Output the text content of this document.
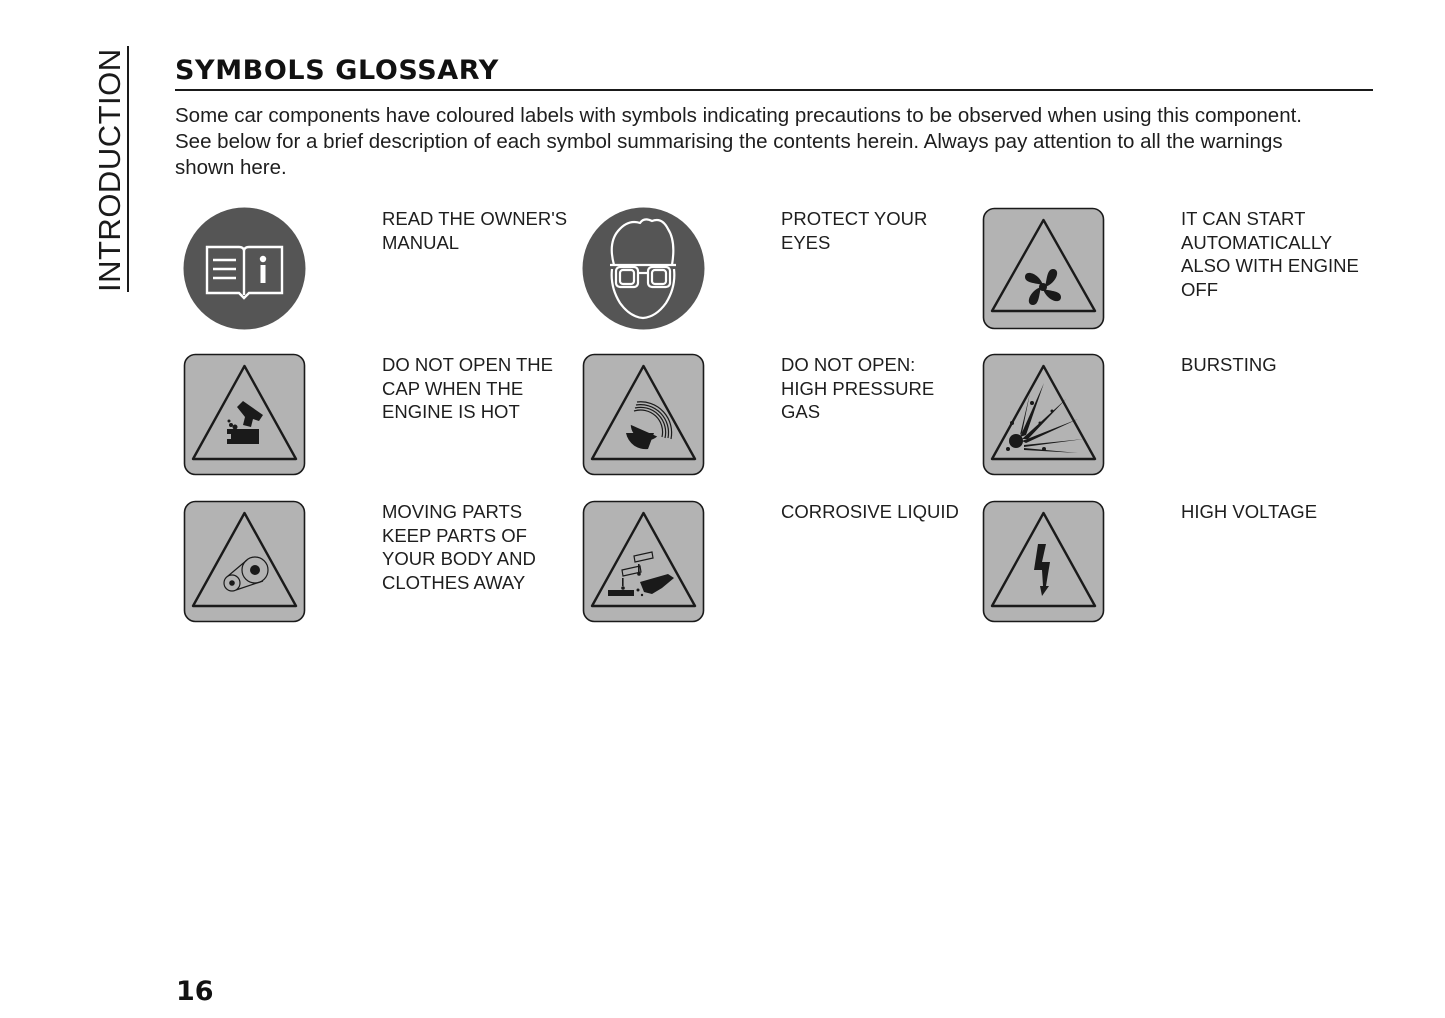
INTRODUCTION SYMBOLS GLOSSARY
Some car components have coloured labels with symbols indicating precautions to be observed when using this component.
See below for a brief description of each symbol summarising the contents herein. Always pay attention to all the warnings
shown here.
READ THE OWNER'S
MANUAL
PROTECT YOUR
EYES
IT CAN START
AUTOMATICALLY
ALSO WITH ENGINE
OFF
DO NOT OPEN THE
CAP WHEN THE
ENGINE IS HOT
DO NOT OPEN:
HIGH PRESSURE
GAS
BURSTING
MOVING PARTS
KEEP PARTS OF
YOUR BODY AND
CLOTHES AWAY
CORROSIVE LIQUID	HIGH VOLTAGE
16
